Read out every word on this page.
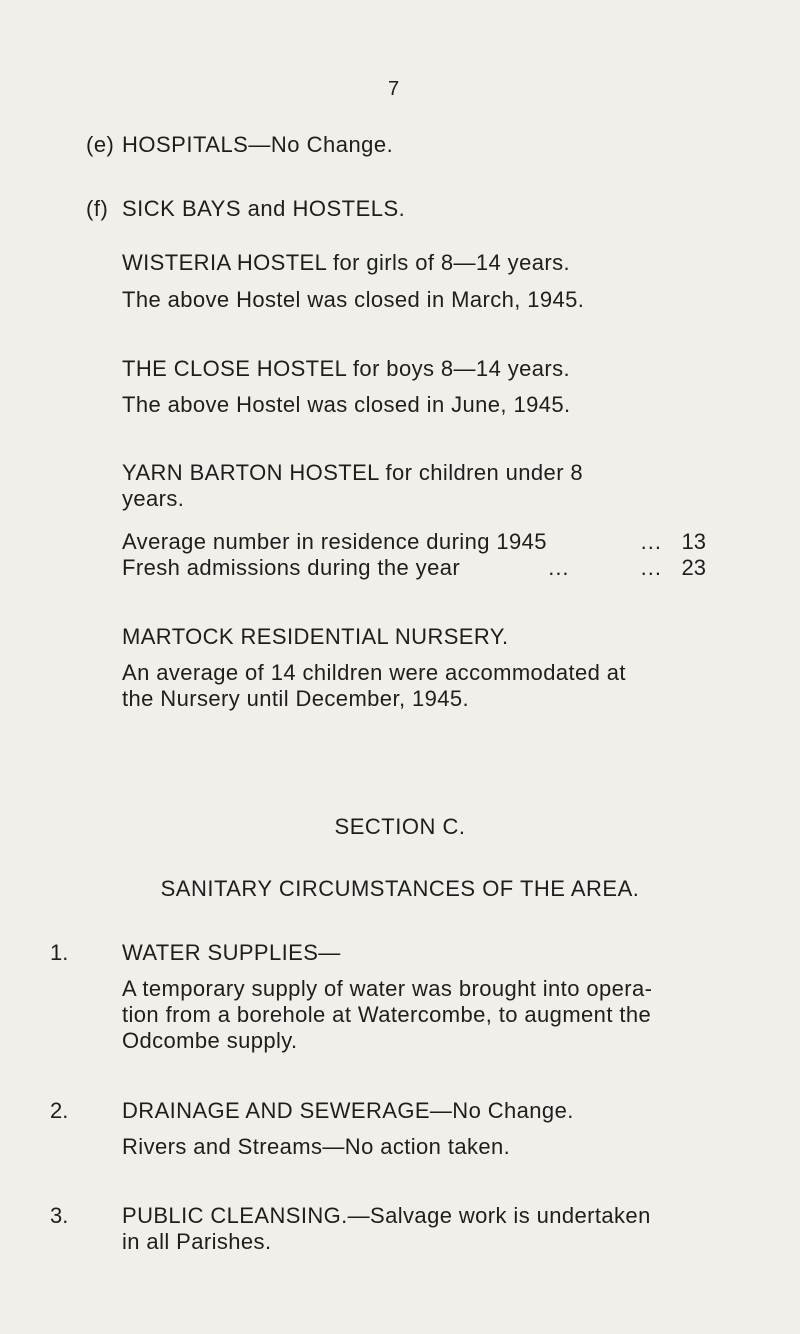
7
(e) HOSPITALS—No Change.
(f) SICK BAYS and HOSTELS.
WISTERIA HOSTEL for girls of 8—14 years.
The above Hostel was closed in March, 1945.
THE CLOSE HOSTEL for boys 8—14 years.
The above Hostel was closed in June, 1945.
YARN BARTON HOSTEL for children under 8
years.
Average number in residence during 1945	... 13
Fresh admissions during the year	...          ... 23
MARTOCK RESIDENTIAL NURSERY.
An average of 14 children were accommodated at
the Nursery until December, 1945.
SECTION C.
SANITARY CIRCUMSTANCES OF THE AREA.
1. WATER SUPPLIES—
A temporary supply of water was brought into opera-
tion from a borehole at Watercombe, to augment the
Odcombe supply.
2. DRAINAGE AND SEWERAGE—No Change.
Rivers and Streams—No action taken.
3. PUBLIC CLEANSING.—Salvage work is undertaken
in all Parishes.
